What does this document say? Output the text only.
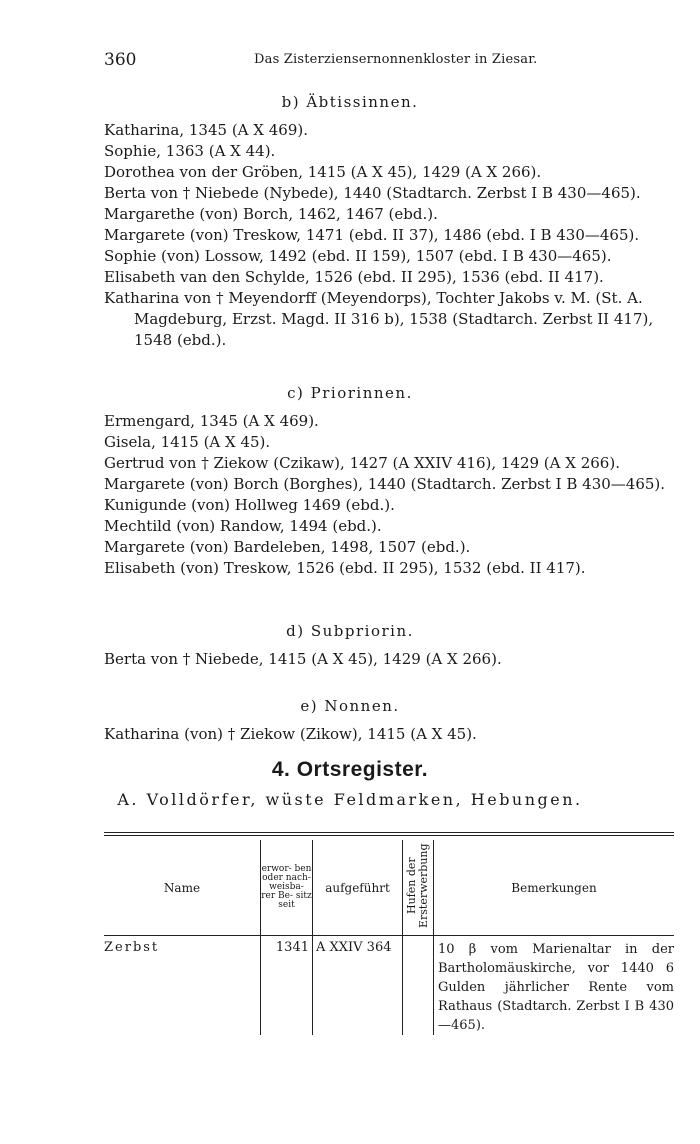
360	Das Zisterziensernonnenkloster in Ziesar.
b) Äbtissinnen.
Katharina, 1345 (A X 469).
Sophie, 1363 (A X 44).
Dorothea von der Gröben, 1415 (A X 45), 1429 (A X 266).
Berta von † Niebede (Nybede), 1440 (Stadtarch. Zerbst I B 430—465).
Margarethe (von) Borch, 1462, 1467 (ebd.).
Margarete (von) Treskow, 1471 (ebd. II 37), 1486 (ebd. I B 430—465).
Sophie (von) Lossow, 1492 (ebd. II 159), 1507 (ebd. I B 430—465).
Elisabeth van den Schylde, 1526 (ebd. II 295), 1536 (ebd. II 417).
Katharina von † Meyendorff (Meyendorps), Tochter Jakobs v. M. (St. A. Magdeburg, Erzst. Magd. II 316 b), 1538 (Stadtarch. Zerbst II 417), 1548 (ebd.).
c) Priorinnen.
Ermengard, 1345 (A X 469).
Gisela, 1415 (A X 45).
Gertrud von † Ziekow (Czikaw), 1427 (A XXIV 416), 1429 (A X 266).
Margarete (von) Borch (Borghes), 1440 (Stadtarch. Zerbst I B 430—465).
Kunigunde (von) Hollweg 1469 (ebd.).
Mechtild (von) Randow, 1494 (ebd.).
Margarete (von) Bardeleben, 1498, 1507 (ebd.).
Elisabeth (von) Treskow, 1526 (ebd. II 295), 1532 (ebd. II 417).
d) Subpriorin.
Berta von † Niebede, 1415 (A X 45), 1429 (A X 266).
e) Nonnen.
Katharina (von) † Ziekow (Zikow), 1415 (A X 45).
4. Ortsregister.
A. Volldörfer, wüste Feldmarken, Hebungen.
Name	erwor- ben oder nach- weisba- rer Be- sitz seit	aufgeführt	Hufen der Ersterwerbung	Bemerkungen
Zerbst	1341	A XXIV 364		10 β vom Marienaltar in der Bartholomäuskirche, vor 1440 6 Gulden jährlicher Rente vom Rathaus (Stadtarch. Zerbst I B 430—465).
